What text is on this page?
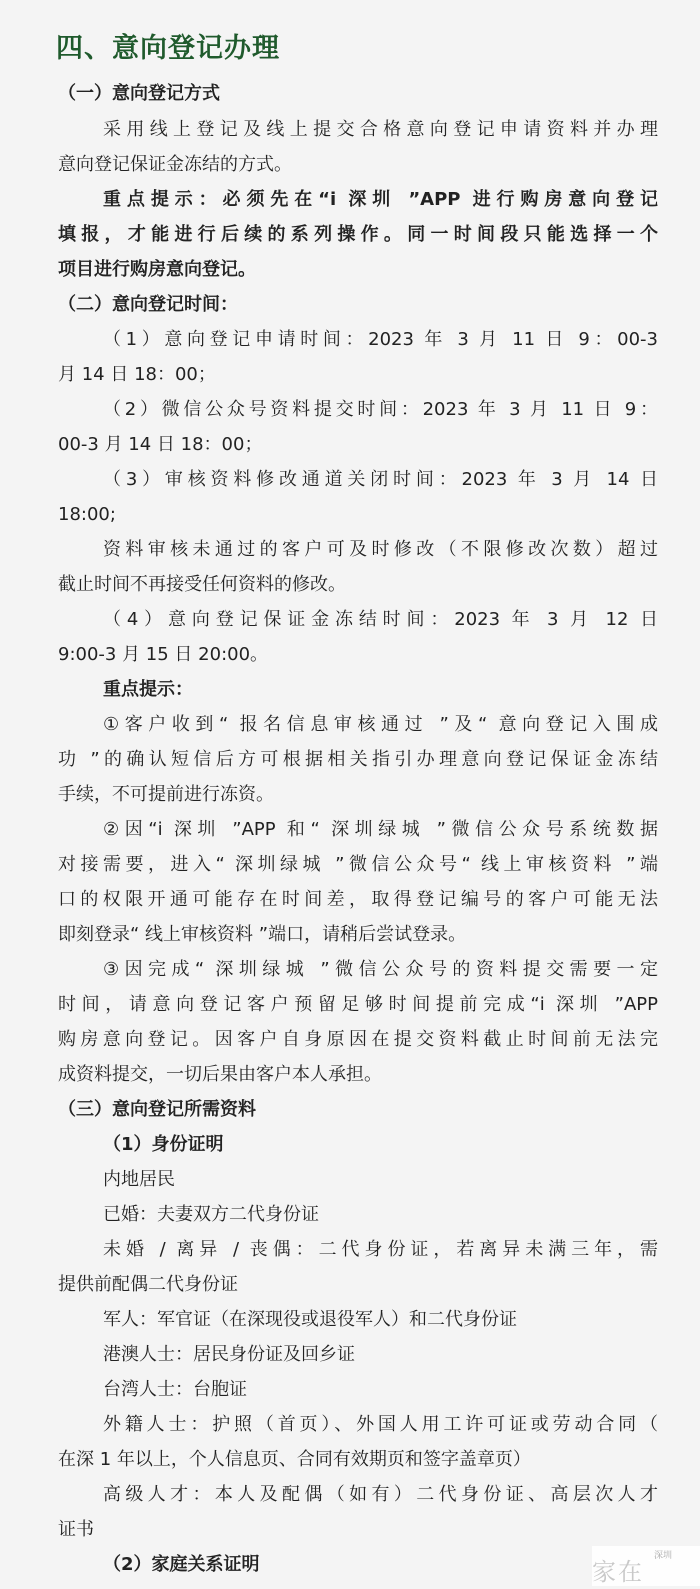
四、意向登记办理
（一）意向登记方式
采用线上登记及线上提交合格意向登记申请资料并办理
意向登记保证金冻结的方式。
重点提示：必须先在“i 深圳 ”APP 进行购房意向登记
填报，才能进行后续的系列操作。同一时间段只能选择一个
项目进行购房意向登记。
（二）意向登记时间：
（1）意向登记申请时间：2023 年 3 月 11 日 9：00-3
月 14 日 18：00；
（2）微信公众号资料提交时间：2023 年 3 月 11 日 9：
00-3 月 14 日 18：00；
（3）审核资料修改通道关闭时间：2023 年 3 月 14 日
18:00;
资料审核未通过的客户可及时修改（不限修改次数）超过
截止时间不再接受任何资料的修改。
（4）意向登记保证金冻结时间：2023 年 3 月 12 日
9:00-3 月 15 日 20:00。
重点提示：
①客户收到“ 报名信息审核通过 ”及“ 意向登记入围成
功 ”的确认短信后方可根据相关指引办理意向登记保证金冻结
手续，不可提前进行冻资。
②因“i 深圳 ”APP 和“ 深圳绿城 ”微信公众号系统数据
对接需要，进入“ 深圳绿城 ”微信公众号“ 线上审核资料 ”端
口的权限开通可能存在时间差，取得登记编号的客户可能无法
即刻登录“ 线上审核资料 ”端口，请稍后尝试登录。
③因完成“ 深圳绿城 ”微信公众号的资料提交需要一定
时间，请意向登记客户预留足够时间提前完成“i 深圳 ”APP
购房意向登记。因客户自身原因在提交资料截止时间前无法完
成资料提交，一切后果由客户本人承担。
（三）意向登记所需资料
（1）身份证明
内地居民
已婚：夫妻双方二代身份证
未婚 / 离异 / 丧偶：二代身份证，若离异未满三年，需
提供前配偶二代身份证
军人：军官证（在深现役或退役军人）和二代身份证
港澳人士：居民身份证及回乡证
台湾人士：台胞证
外籍人士：护照（首页）、外国人用工许可证或劳动合同（
在深 1 年以上，个人信息页、合同有效期页和签字盖章页）
高级人才：本人及配偶（如有）二代身份证、高层次人才
证书
（2）家庭关系证明	家在
深圳
